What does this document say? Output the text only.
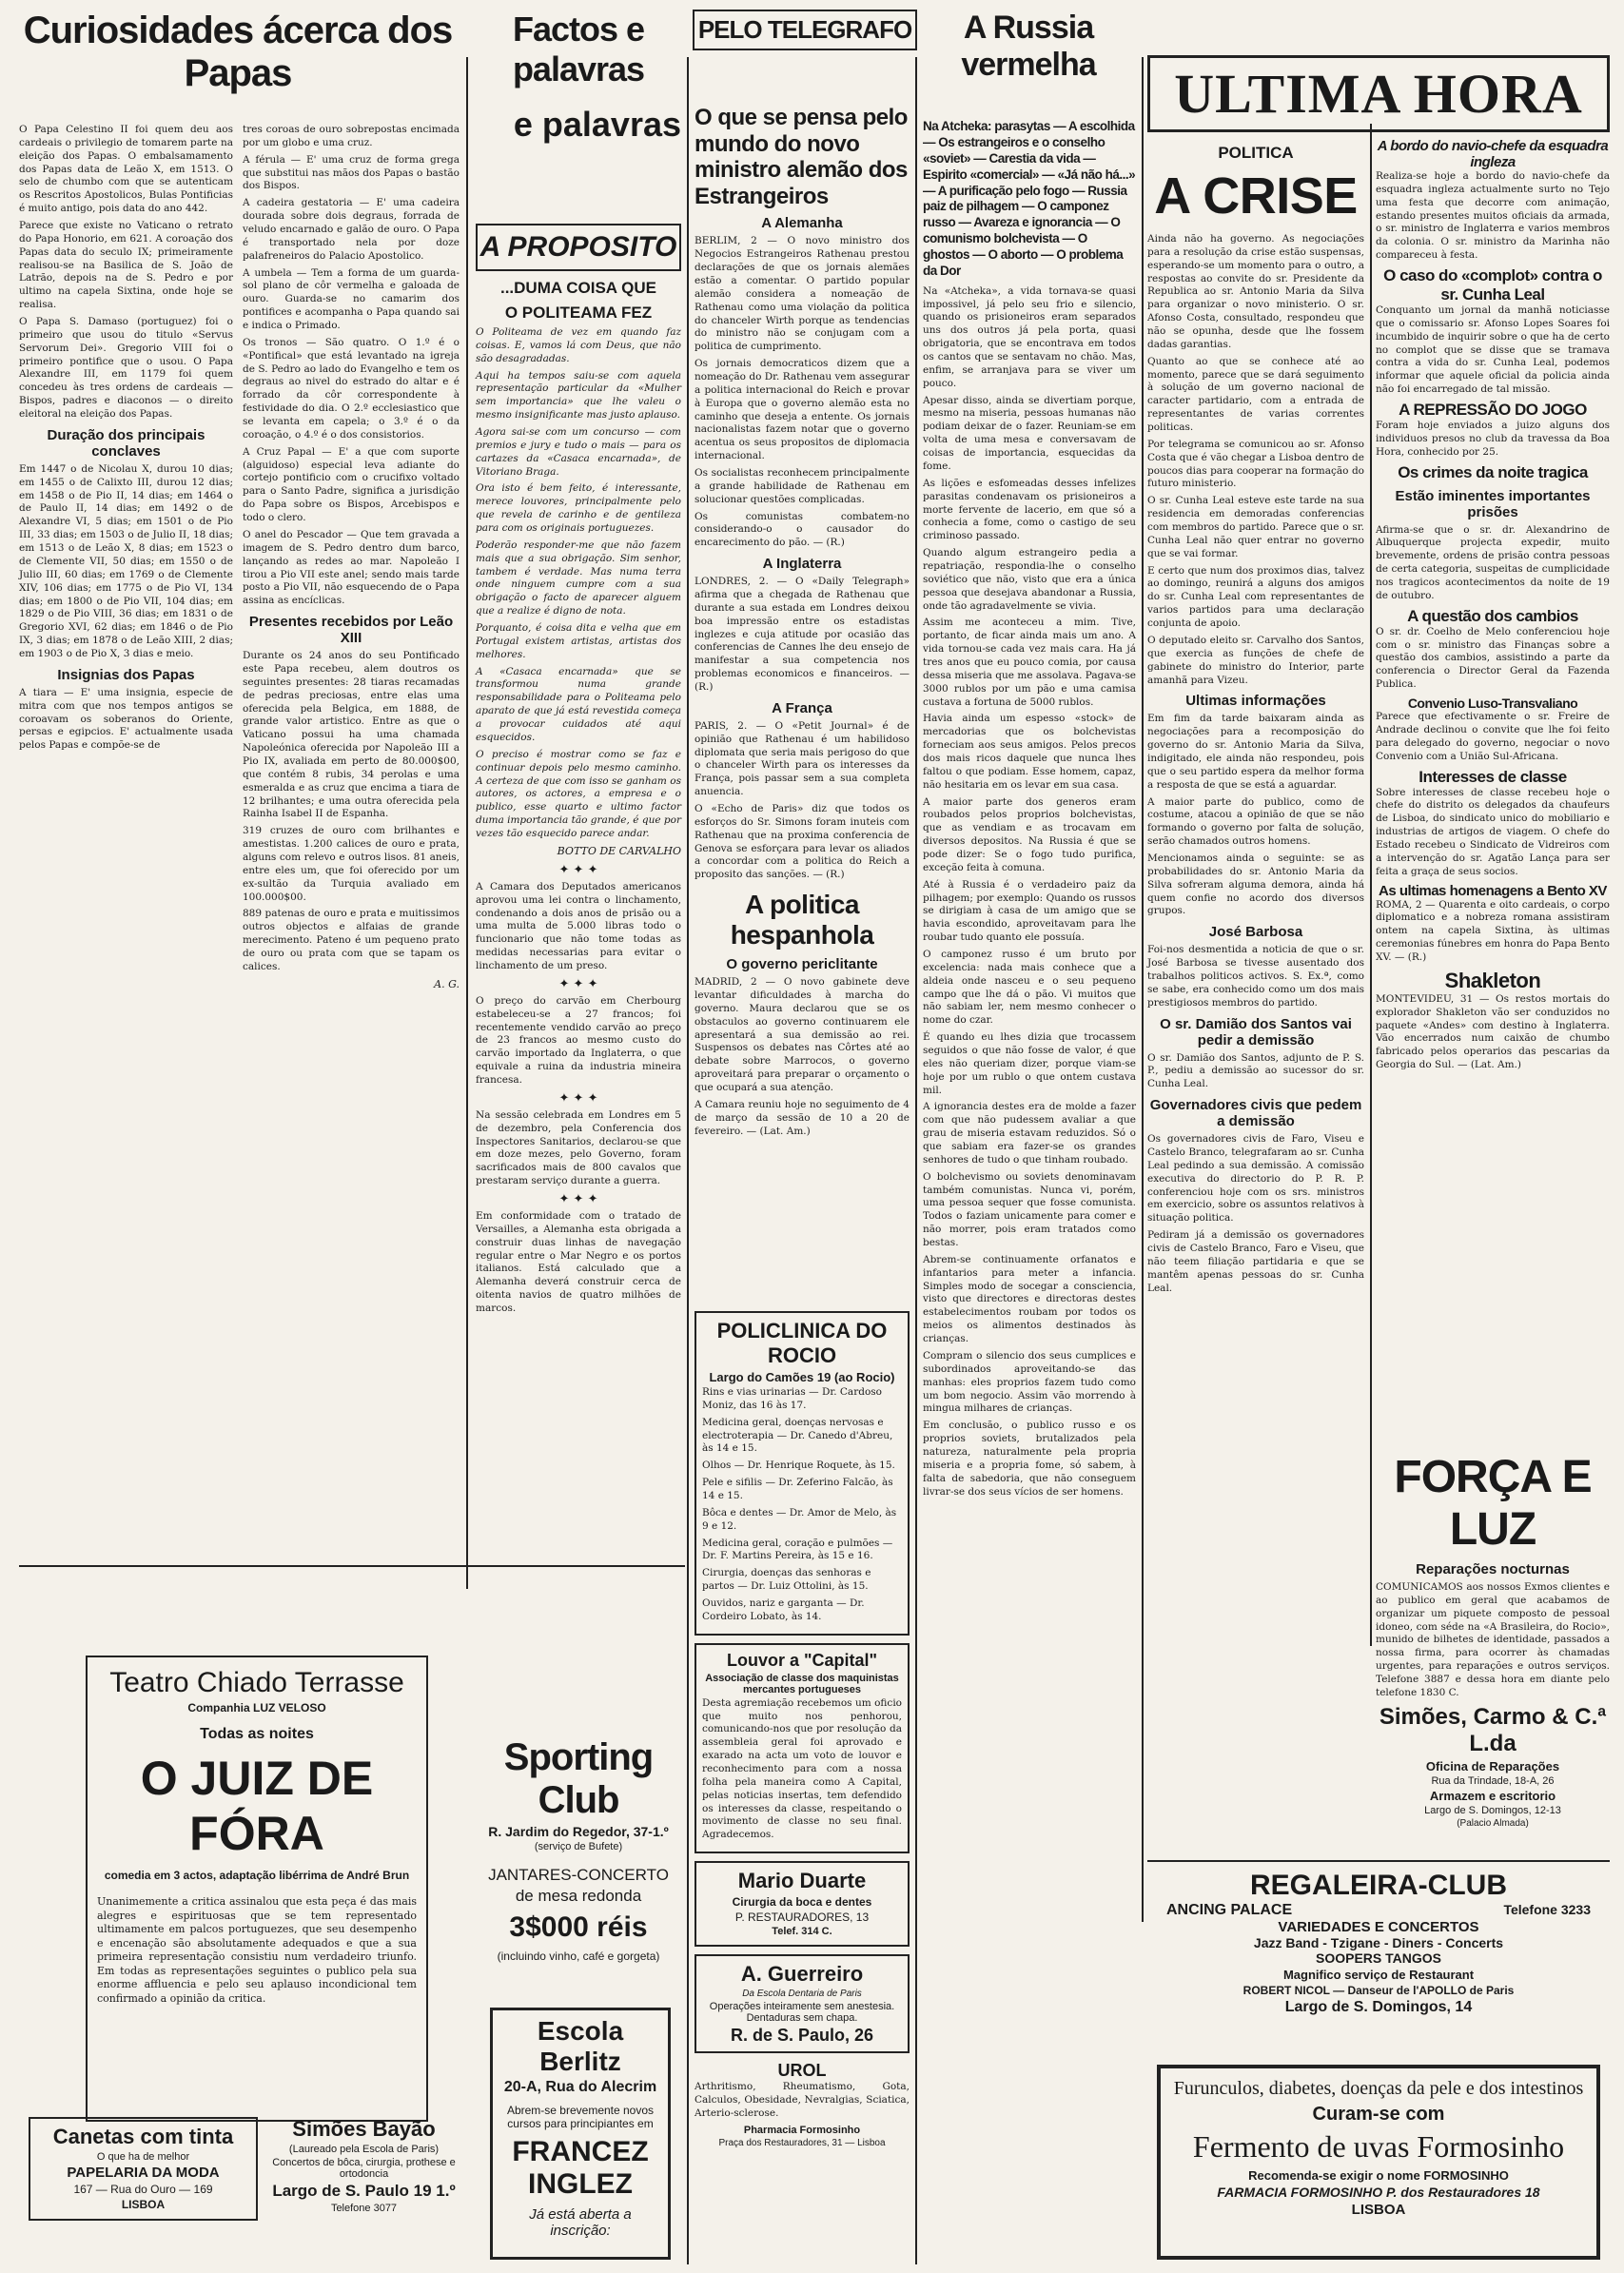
Curiosidades ácerca dos Papas
Factos e palavras
PELO TELEGRAFO	A Russia vermelha

O Papa Celestino II foi quem deu aos cardeais o privilegio de tomarem parte na eleição dos Papas. O embalsamamento dos Papas data de Leão X, em 1513. O selo de chumbo com que se autenticam os Rescritos Apostolicos, Bulas Pontificias é muito antigo, pois data do ano 442.

Parece que existe no Vaticano o retrato do Papa Honorio, em 621. A coroação dos Papas data do seculo IX; primeiramente realisou-se na Basilica de S. João de Latrão, depois na de S. Pedro e por ultimo na capela Sixtina, onde hoje se realisa.

O Papa S. Damaso (portuguez) foi o primeiro que usou do titulo «Servus Servorum Dei». Gregorio VIII foi o primeiro pontifice que o usou. O Papa Alexandre III, em 1179 foi quem concedeu às tres ordens de cardeais — Bispos, padres e diaconos — o direito eleitoral na eleição dos Papas.

Duração dos principais conclaves

Em 1447 o de Nicolau X, durou 10 dias; em 1455 o de Calixto III, durou 12 dias; em 1458 o de Pio II, 14 dias; em 1464 o de Paulo II, 14 dias; em 1492 o de Alexandre VI, 5 dias; em 1501 o de Pio III, 33 dias; em 1503 o de Julio II, 18 dias; em 1513 o de Leão X, 8 dias; em 1523 o de Clemente VII, 50 dias; em 1550 o de Julio III, 60 dias; em 1769 o de Clemente XIV, 106 dias; em 1775 o de Pio VI, 134 dias; em 1800 o de Pio VII, 104 dias; em 1829 o de Pio VIII, 36 dias; em 1831 o de Gregorio XVI, 62 dias; em 1846 o de Pio IX, 3 dias; em 1878 o de Leão XIII, 2 dias; em 1903 o de Pio X, 3 dias e meio.

Insignias dos Papas

A tiara — E' uma insignia, especie de mitra com que nos tempos antigos se coroavam os soberanos do Oriente, persas e egipcios. E' actualmente usada pelos Papas e compõe-se de

tres coroas de ouro sobrepostas encimada por um globo e uma cruz.

A férula — E' uma cruz de forma grega que substitui nas mãos dos Papas o bastão dos Bispos.

A cadeira gestatoria — E' uma cadeira dourada sobre dois degraus, forrada de veludo encarnado e galão de ouro. O Papa é transportado nela por doze palafreneiros do Palacio Apostolico.

A umbela — Tem a forma de um guarda-sol plano de côr vermelha e galoada de ouro. Guarda-se no camarim dos pontifices e acompanha o Papa quando sai e indica o Primado.

Os tronos — São quatro. O 1.º é o «Pontifical» que está levantado na igreja de S. Pedro ao lado do Evangelho e tem os degraus ao nivel do estrado do altar e é forrado da côr correspondente à festividade do dia. O 2.º ecclesiastico que se levanta em capela; o 3.º é o da coroação, o 4.º é o dos consistorios.

A Cruz Papal — E' a que com suporte (alguidoso) especial leva adiante do cortejo pontificio com o crucifixo voltado para o Santo Padre, significa a jurisdição do Papa sobre os Bispos, Arcebispos e todo o clero.

O anel do Pescador — Que tem gravada a imagem de S. Pedro dentro dum barco, lançando as redes ao mar. Napoleão I tirou a Pio VII este anel; sendo mais tarde posto a Pio VII, não esquecendo de o Papa assina as encíclicas.

Presentes recebidos por Leão XIII

Durante os 24 anos do seu Pontificado este Papa recebeu, alem doutros os seguintes presentes: 28 tiaras recamadas de pedras preciosas, entre elas uma oferecida pela Belgica, em 1888, de grande valor artistico. Entre as que o Vaticano possui ha uma chamada Napoleónica oferecida por Napoleão III a Pio IX, avaliada em perto de 80.000$00, que contém 8 rubis, 34 perolas e uma esmeralda e as cruz que encima a tiara de 12 brilhantes; e uma outra oferecida pela Rainha Isabel II de Espanha.

319 cruzes de ouro com brilhantes e amestistas. 1.200 calices de ouro e prata, alguns com relevo e outros lisos. 81 aneis, entre eles um, que foi oferecido por um ex-sultão da Turquia avaliado em 100.000$00.

889 patenas de ouro e prata e muitissimos outros objectos e alfaias de grande merecimento. Pateno é um pequeno prato de ouro ou prata com que se tapam os calices.

A. G.
A PROPOSITO
...DUMA COISA QUE
O POLITEAMA FEZ

O Politeama de vez em quando faz coisas. E, vamos lá com Deus, que não são desagradadas.

Aqui ha tempos saiu-se com aquela representação particular da «Mulher sem importancia» que lhe valeu o mesmo insignificante mas justo aplauso.

Agora sai-se com um concurso — com premios e jury e tudo o mais — para os cartazes da «Casaca encarnada», de Vitoriano Braga.

Ora isto é bem feito, é interessante, merece louvores, principalmente pelo que revela de carinho e de gentileza para com os originais portuguezes.

Poderão responder-me que não fazem mais que a sua obrigação. Sim senhor, tambem é verdade. Mas numa terra onde ninguem cumpre com a sua obrigação o facto de aparecer alguem que a realize é digno de nota.

Porquanto, é coisa dita e velha que em Portugal existem artistas, artistas dos melhores.

A «Casaca encarnada» que se transformou numa grande responsabilidade para o Politeama pelo aparato de que já está revestida começa a provocar cuidados até aqui esquecidos.

O preciso é mostrar como se faz e continuar depois pelo mesmo caminho. A certeza de que com isso se ganham os autores, os actores, a empresa e o publico, esse quarto e ultimo factor duma importancia tão grande, é que por vezes tão esquecido parece andar.

BOTTO DE CARVALHO
✦ ✦ ✦

A Camara dos Deputados americanos aprovou uma lei contra o linchamento, condenando a dois anos de prisão ou a uma multa de 5.000 libras todo o funcionario que não tome todas as medidas necessarias para evitar o linchamento de um preso.

✦ ✦ ✦

O preço do carvão em Cherbourg estabeleceu-se a 27 francos; foi recentemente vendido carvão ao preço de 23 francos ao mesmo custo do carvão importado da Inglaterra, o que equivale a ruina da industria mineira francesa.

✦ ✦ ✦

Na sessão celebrada em Londres em 5 de dezembro, pela Conferencia dos Inspectores Sanitarios, declarou-se que em doze mezes, pelo Governo, foram sacrificados mais de 800 cavalos que prestaram serviço durante a guerra.

✦ ✦ ✦

Em conformidade com o tratado de Versailles, a Alemanha esta obrigada a construir duas linhas de navegação regular entre o Mar Negro e os portos italianos. Está calculado que a Alemanha deverá construir cerca de oitenta navios de quatro milhões de marcos.

e palavras O que se pensa pelo mundo do novo ministro alemão dos Estrangeiros
A Alemanha

BERLIM, 2 — O novo ministro dos Negocios Estrangeiros Rathenau prestou declarações de que os jornais alemães estão a comentar. O partido popular alemão considera a nomeação de Rathenau como uma violação da politica do chanceler Wirth porque as tendencias do ministro não se conjugam com a politica de cumprimento.

Os jornais democraticos dizem que a nomeação do Dr. Rathenau vem assegurar a politica internacional do Reich e provar à Europa que o governo alemão esta no caminho que deseja a entente. Os jornais nacionalistas fazem notar que o governo acentua os seus propositos de diplomacia internacional.

Os socialistas reconhecem principalmente a grande habilidade de Rathenau em solucionar questões complicadas.

Os comunistas combatem-no considerando-o o causador do encarecimento do pão. — (R.)

A Inglaterra

LONDRES, 2. — O «Daily Telegraph» afirma que a chegada de Rathenau que durante a sua estada em Londres deixou boa impressão entre os estadistas inglezes e cuja atitude por ocasião das conferencias de Cannes lhe deu ensejo de manifestar a sua competencia nos problemas economicos e financeiros. — (R.)

A França

PARIS, 2. — O «Petit Journal» é de opinião que Rathenau é um habilidoso diplomata que seria mais perigoso do que o chanceler Wirth para os interesses da França, pois passar sem a sua completa anuencia.

O «Echo de Paris» diz que todos os esforços do Sr. Simons foram inuteis com Rathenau que na proxima conferencia de Genova se esforçara para levar os aliados a concordar com a politica do Reich a proposito das sanções. — (R.)

A politica hespanhola
O governo periclitante

MADRID, 2 — O novo gabinete deve levantar dificuldades à marcha do governo. Maura declarou que se os obstaculos ao governo continuarem ele apresentará a sua demissão ao rei. Suspensos os debates nas Côrtes até ao debate sobre Marrocos, o governo aproveitará para preparar o orçamento o que ocupará a sua atenção.

A Camara reuniu hoje no seguimento de 4 de março da sessão de 10 a 20 de fevereiro. — (Lat. Am.)

POLICLINICA DO ROCIO
Largo do Camões 19 (ao Rocio)
Rins e vias urinarias — Dr. Cardoso Moniz, das 16 às 17.
Medicina geral, doenças nervosas e electroterapia — Dr. Canedo d'Abreu, às 14 e 15.
Olhos — Dr. Henrique Roquete, às 15.
Pele e sifilis — Dr. Zeferino Falcão, às 14 e 15.
Bôca e dentes — Dr. Amor de Melo, às 9 e 12.
Medicina geral, coração e pulmões — Dr. F. Martins Pereira, às 15 e 16.
Cirurgia, doenças das senhoras e partos — Dr. Luiz Ottolini, às 15.
Ouvidos, nariz e garganta — Dr. Cordeiro Lobato, às 14.
Louvor a "Capital"
Associação de classe dos maquinistas mercantes portugueses

Desta agremiação recebemos um oficio que muito nos penhorou, comunicando-nos que por resolução da assembleia geral foi aprovado e exarado na acta um voto de louvor e reconhecimento para com a nossa folha pela maneira como A Capital, pelas noticias insertas, tem defendido os interesses da classe, respeitando o movimento de classe no seu final. Agradecemos.

Mario Duarte
Cirurgia da boca e dentes
P. RESTAURADORES, 13
Telef. 314 C.
A. Guerreiro
Da Escola Dentaria de Paris
Operações inteiramente sem anestesia. Dentaduras sem chapa.
R. de S. Paulo, 26
UROL

Arthritismo, Rheumatismo, Gota, Calculos, Obesidade, Nevralgias, Sciatica, Arterio-sclerose.

Pharmacia Formosinho
Praça dos Restauradores, 31 — Lisboa
Na Atcheka: parasytas — A escolhida — Os estrangeiros e o conselho «soviet» — Carestia da vida — Espirito «comercial» — «Já não há...» — A purificação pelo fogo — Russia paiz de pilhagem — O camponez russo — Avareza e ignorancia — O comunismo bolchevista — O ghostos — O aborto — O problema da Dor

Na «Atcheka», a vida tornava-se quasi impossivel, já pelo seu frio e silencio, quando os prisioneiros eram separados uns dos outros já pela porta, quasi obrigatoria, que se encontrava em todos os cantos que se sentavam no chão. Mas, enfim, se arranjava para se viver um pouco.

Apesar disso, ainda se divertiam porque, mesmo na miseria, pessoas humanas não podiam deixar de o fazer. Reuniam-se em volta de uma mesa e conversavam de coisas de importancia, esquecidas da fome.

As lições e esfomeadas desses infelizes parasitas condenavam os prisioneiros a morte fervente de lacerio, em que só a conhecia a fome, como o castigo de seu criminoso passado.

Quando algum estrangeiro pedia a repatriação, respondia-lhe o conselho soviético que não, visto que era a única pessoa que desejava abandonar a Russia, onde tão agradavelmente se vivia.

Assim me aconteceu a mim. Tive, portanto, de ficar ainda mais um ano. A vida tornou-se cada vez mais cara. Ha já tres anos que eu pouco comia, por causa dessa miseria que me assolava. Pagava-se 3000 rublos por um pão e uma camisa custava a fortuna de 5000 rublos.

Havia ainda um espesso «stock» de mercadorias que os bolchevistas forneciam aos seus amigos. Pelos precos dos mais ricos daquele que nunca lhes faltou o que podiam. Esse homem, capaz, não hesitaria em os levar em sua casa.

A maior parte dos generos eram roubados pelos proprios bolchevistas, que as vendiam e as trocavam em diversos depositos. Na Russia é que se pode dizer: Se o fogo tudo purifica, exceção feita à comuna.

Até à Russia é o verdadeiro paiz da pilhagem; por exemplo: Quando os russos se dirigiam à casa de um amigo que se havia escondido, aproveitavam para lhe roubar tudo quanto ele possuía.

O camponez russo é um bruto por excelencia: nada mais conhece que a aldeia onde nasceu e o seu pequeno campo que lhe dá o pão. Vi muitos que não sabiam ler, nem mesmo conhecer o nome do czar.

É quando eu lhes dizia que trocassem seguidos o que não fosse de valor, é que eles não queriam dizer, porque viam-se hoje por um rublo o que ontem custava mil.

A ignorancia destes era de molde a fazer com que não pudessem avaliar a que grau de miseria estavam reduzidos. Só o que sabiam era fazer-se os grandes senhores de tudo o que tinham roubado.

O bolchevismo ou soviets denominavam também comunistas. Nunca vi, porém, uma pessoa sequer que fosse comunista. Todos o faziam unicamente para comer e não morrer, pois eram tratados como bestas.

Abrem-se continuamente orfanatos e infantarios para meter a infancia. Simples modo de socegar a consciencia, visto que directores e directoras destes estabelecimentos roubam por todos os meios os alimentos destinados às crianças.

Compram o silencio dos seus cumplices e subordinados aproveitando-se das manhas: eles proprios fazem tudo como um bom negocio. Assim vão morrendo à mingua milhares de crianças.

Em conclusão, o publico russo e os proprios soviets, brutalizados pela natureza, naturalmente pela propria miseria e a propria fome, só sabem, à falta de sabedoria, que não conseguem livrar-se dos seus vícios de ser homens.

ULTIMA HORA
POLITICA
A CRISE

Ainda não ha governo. As negociações para a resolução da crise estão suspensas, esperando-se um momento para o outro, a respostas ao convite do sr. Presidente da Republica ao sr. Antonio Maria da Silva para organizar o novo ministerio. O sr. Afonso Costa, consultado, respondeu que não se opunha, desde que lhe fossem dadas garantias.

Quanto ao que se conhece até ao momento, parece que se dará seguimento à solução de um governo nacional de caracter partidario, com a entrada de representantes de varias correntes politicas.

Por telegrama se comunicou ao sr. Afonso Costa que é vão chegar a Lisboa dentro de poucos dias para cooperar na formação do futuro ministerio.

O sr. Cunha Leal esteve este tarde na sua residencia em demoradas conferencias com membros do partido. Parece que o sr. Cunha Leal não quer entrar no governo que se vai formar.

E certo que num dos proximos dias, talvez ao domingo, reunirá a alguns dos amigos do sr. Cunha Leal com representantes de varios partidos para uma declaração conjunta de apoio.

O deputado eleito sr. Carvalho dos Santos, que exercia as funções de chefe de gabinete do ministro do Interior, parte amanhã para Vizeu.

Ultimas informações

Em fim da tarde baixaram ainda as negociações para a recomposição do governo do sr. Antonio Maria da Silva, indigitado, ele ainda não respondeu, pois que o seu partido espera da melhor forma a resposta de que se está a aguardar.

A maior parte do publico, como de costume, atacou a opinião de que se não formando o governo por falta de solução, serão chamados outros homens.

Mencionamos ainda o seguinte: se as probabilidades do sr. Antonio Maria da Silva sofreram alguma demora, ainda há quem confie no acordo dos diversos grupos.

José Barbosa

Foi-nos desmentida a noticia de que o sr. José Barbosa se tivesse ausentado dos trabalhos politicos activos. S. Ex.ª, como se sabe, era conhecido como um dos mais prestigiosos membros do partido.

O sr. Damião dos Santos vai pedir a demissão

O sr. Damião dos Santos, adjunto de P. S. P., pediu a demissão ao sucessor do sr. Cunha Leal.

Governadores civis que pedem a demissão

Os governadores civis de Faro, Viseu e Castelo Branco, telegrafaram ao sr. Cunha Leal pedindo a sua demissão. A comissão executiva do directorio do P. R. P. conferenciou hoje com os srs. ministros em exercicio, sobre os assuntos relativos à situação politica.

Pediram já a demissão os governadores civis de Castelo Branco, Faro e Viseu, que não teem filiação partidaria e que se mantêm apenas pessoas do sr. Cunha Leal.

A bordo do navio-chefe da esquadra ingleza

Realiza-se hoje a bordo do navio-chefe da esquadra ingleza actualmente surto no Tejo uma festa que decorre com animação, estando presentes muitos oficiais da armada, o sr. ministro de Inglaterra e varios membros da colonia. O sr. ministro da Marinha não compareceu à festa.

O caso do «complot» contra o sr. Cunha Leal

Conquanto um jornal da manhã noticiasse que o comissario sr. Afonso Lopes Soares foi incumbido de inquirir sobre o que ha de certo no complot que se disse que se tramava contra a vida do sr. Cunha Leal, podemos informar que aquele oficial da policia ainda não foi encarregado de tal missão.

A REPRESSÃO DO JOGO

Foram hoje enviados a juizo alguns dos individuos presos no club da travessa da Boa Hora, conhecido por 25.

Os crimes da noite tragica
Estão iminentes importantes prisões

Afirma-se que o sr. dr. Alexandrino de Albuquerque projecta expedir, muito brevemente, ordens de prisão contra pessoas de certa categoria, suspeitas de cumplicidade nos tragicos acontecimentos da noite de 19 de outubro.

A questão dos cambios

O sr. dr. Coelho de Melo conferenciou hoje com o sr. ministro das Finanças sobre a questão dos cambios, assistindo a parte da conferencia o Director Geral da Fazenda Publica.

Convenio Luso-Transvaliano

Parece que efectivamente o sr. Freire de Andrade declinou o convite que lhe foi feito para delegado do governo, negociar o novo Convenio com a União Sul-Africana.

Interesses de classe

Sobre interesses de classe recebeu hoje o chefe do distrito os delegados da chaufeurs de Lisboa, do sindicato unico do mobiliario e industrias de artigos de viagem. O chefe do Estado recebeu o Sindicato de Vidreiros com a intervenção do sr. Agatão Lança para ser feita a graça de seus socios.

As ultimas homenagens a Bento XV

ROMA, 2 — Quarenta e oito cardeais, o corpo diplomatico e a nobreza romana assistiram ontem na capela Sixtina, às ultimas ceremonias fúnebres em honra do Papa Bento XV. — (R.)

Shakleton

MONTEVIDEU, 31 — Os restos mortais do explorador Shakleton vão ser conduzidos no paquete «Andes» com destino à Inglaterra. Vão encerrados num caixão de chumbo fabricado pelos operarios das pescarias da Georgia do Sul. — (Lat. Am.)

FORÇA E LUZ
Reparações nocturnas

COMUNICAMOS aos nossos Exmos clientes e ao publico em geral que acabamos de organizar um piquete composto de pessoal idoneo, com séde na «A Brasileira, do Rocio», munido de bilhetes de identidade, passados a nossa firma, para ocorrer às chamadas urgentes, para reparações e outros serviços. Telefone 3887 e dessa hora em diante pelo telefone 1830 C.

Simões, Carmo & C.ª L.da
Oficina de Reparações
Rua da Trindade, 18-A, 26
Armazem e escritorio
Largo de S. Domingos, 12-13
(Palacio Almada)
Teatro Chiado Terrasse
Companhia LUZ VELOSO
Todas as noites
O JUIZ DE FÓRA
comedia em 3 actos, adaptação libérrima de André Brun

Unanimemente a critica assinalou que esta peça é das mais alegres e espirituosas que se tem representado ultimamente em palcos portuguezes, que seu desempenho e encenação são absolutamente adequados e que a sua primeira representação consistiu num verdadeiro triunfo. Em todas as representações seguintes o publico pela sua enorme affluencia e pelo seu aplauso incondicional tem confirmado a opinião da critica.

Canetas com tinta
O que ha de melhor
PAPELARIA DA MODA
167 — Rua do Ouro — 169
LISBOA
Simões Bayão
(Laureado pela Escola de Paris)
Concertos de bôca, cirurgia, prothese e ortodoncia
Largo de S. Paulo 19 1.º
Telefone 3077
Sporting Club
R. Jardim do Regedor, 37-1.º
(serviço de Bufete)
JANTARES-CONCERTO
de mesa redonda
3$000 réis
(incluindo vinho, café e gorgeta)
Escola Berlitz
20-A, Rua do Alecrim
Abrem-se brevemente novos cursos para principiantes em
FRANCEZ INGLEZ
Já está aberta a inscrição:
REGALEIRA-CLUB
ANCING PALACE	Telefone 3233
VARIEDADES E CONCERTOS
Jazz Band - Tzigane - Diners - Concerts
SOOPERS TANGOS
Magnifico serviço de Restaurant
ROBERT NICOL — Danseur de l'APOLLO de Paris
Largo de S. Domingos, 14
Furunculos, diabetes, doenças da pele e dos intestinos
Curam-se com
Fermento de uvas Formosinho
Recomenda-se exigir o nome FORMOSINHO
FARMACIA FORMOSINHO P. dos Restauradores 18
LISBOA
